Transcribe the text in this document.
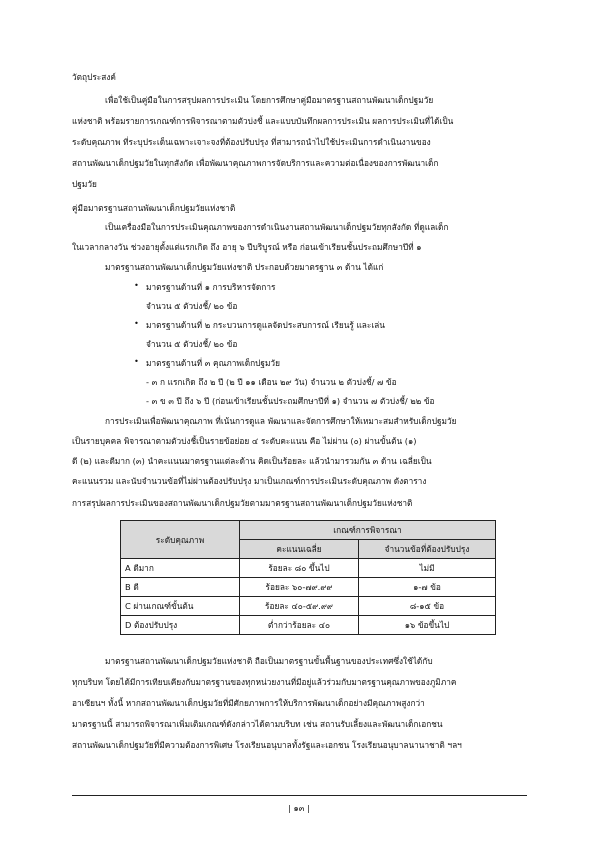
วัตถุประสงค์
เพื่อใช้เป็นคู่มือในการสรุปผลการประเมิน โดยการศึกษาคู่มือมาตรฐานสถานพัฒนาเด็กปฐมวัย
แห่งชาติ พร้อมรายการเกณฑ์การพิจารณาตามตัวบ่งชี้ และแบบบันทึกผลการประเมิน ผลการประเมินที่ได้เป็น
ระดับคุณภาพ ที่ระบุประเด็นเฉพาะเจาะจงที่ต้องปรับปรุง ที่สามารถนำไปใช้ประเมินการดำเนินงานของ
สถานพัฒนาเด็กปฐมวัยในทุกสังกัด เพื่อพัฒนาคุณภาพการจัดบริการและความต่อเนื่องของการพัฒนาเด็ก
ปฐมวัย
คู่มือมาตรฐานสถานพัฒนาเด็กปฐมวัยแห่งชาติ
เป็นเครื่องมือในการประเมินคุณภาพของการดำเนินงานสถานพัฒนาเด็กปฐมวัยทุกสังกัด ที่ดูแลเด็ก
ในเวลากลางวัน ช่วงอายุตั้งแต่แรกเกิด ถึง อายุ ๖ ปีบริบูรณ์ หรือ ก่อนเข้าเรียนชั้นประถมศึกษาปีที่ ๑
มาตรฐานสถานพัฒนาเด็กปฐมวัยแห่งชาติ ประกอบด้วยมาตรฐาน ๓ ด้าน ได้แก่
• มาตรฐานด้านที่ ๑ การบริหารจัดการ
จำนวน ๕ ตัวบ่งชี้/ ๒๐ ข้อ
• มาตรฐานด้านที่ ๒ กระบวนการดูแลจัดประสบการณ์ เรียนรู้ และเล่น
จำนวน ๕ ตัวบ่งชี้/ ๒๐ ข้อ
• มาตรฐานด้านที่ ๓ คุณภาพเด็กปฐมวัย
- ๓ ก แรกเกิด ถึง ๒ ปี (๒ ปี ๑๑ เดือน ๒๙ วัน) จำนวน ๒ ตัวบ่งชี้/ ๗ ข้อ
- ๓ ข ๓ ปี ถึง ๖ ปี (ก่อนเข้าเรียนชั้นประถมศึกษาปีที่ ๑) จำนวน ๗ ตัวบ่งชี้/ ๒๒ ข้อ
การประเมินเพื่อพัฒนาคุณภาพ ที่เน้นการดูแล พัฒนาและจัดการศึกษาให้เหมาะสมสำหรับเด็กปฐมวัย
เป็นรายบุคคล พิจารณาตามตัวบ่งชี้เป็นรายข้อย่อย ๔ ระดับคะแนน คือ ไม่ผ่าน (๐) ผ่านขั้นต้น (๑)
ดี (๒) และดีมาก (๓) นำคะแนนมาตรฐานแต่ละด้าน คิดเป็นร้อยละ แล้วนำมารวมกัน ๓ ด้าน เฉลี่ยเป็น
คะแนนรวม และนับจำนวนข้อที่ไม่ผ่านต้องปรับปรุง มาเป็นเกณฑ์การประเมินระดับคุณภาพ ดังตาราง
การสรุปผลการประเมินของสถานพัฒนาเด็กปฐมวัยตามมาตรฐานสถานพัฒนาเด็กปฐมวัยแห่งชาติ
ระดับคุณภาพ	เกณฑ์การพิจารณา	
	คะแนนเฉลี่ย	จำนวนข้อที่ต้องปรับปรุง
A ดีมาก	ร้อยละ ๘๐ ขึ้นไป	ไม่มี
B ดี	ร้อยละ ๖๐-๗๙.๙๙	๑-๗ ข้อ
C ผ่านเกณฑ์ขั้นต้น	ร้อยละ ๔๐-๕๙.๙๙	๘-๑๕ ข้อ
D ต้องปรับปรุง	ต่ำกว่าร้อยละ ๔๐	๑๖ ข้อขึ้นไป
มาตรฐานสถานพัฒนาเด็กปฐมวัยแห่งชาติ ถือเป็นมาตรฐานขั้นพื้นฐานของประเทศซึ่งใช้ได้กับ
ทุกบริบท โดยได้มีการเทียบเคียงกับมาตรฐานของทุกหน่วยงานที่มีอยู่แล้วร่วมกับมาตรฐานคุณภาพของภูมิภาค
อาเซียนฯ ทั้งนี้ หากสถานพัฒนาเด็กปฐมวัยที่มีศักยภาพการให้บริการพัฒนาเด็กอย่างมีคุณภาพสูงกว่า
มาตรฐานนี้ สามารถพิจารณาเพิ่มเติมเกณฑ์ดังกล่าวได้ตามบริบท เช่น สถานรับเลี้ยงและพัฒนาเด็กเอกชน
สถานพัฒนาเด็กปฐมวัยที่มีความต้องการพิเศษ โรงเรียนอนุบาลทั้งรัฐและเอกชน โรงเรียนอนุบาลนานาชาติ ฯลฯ
| ๑๓ |
